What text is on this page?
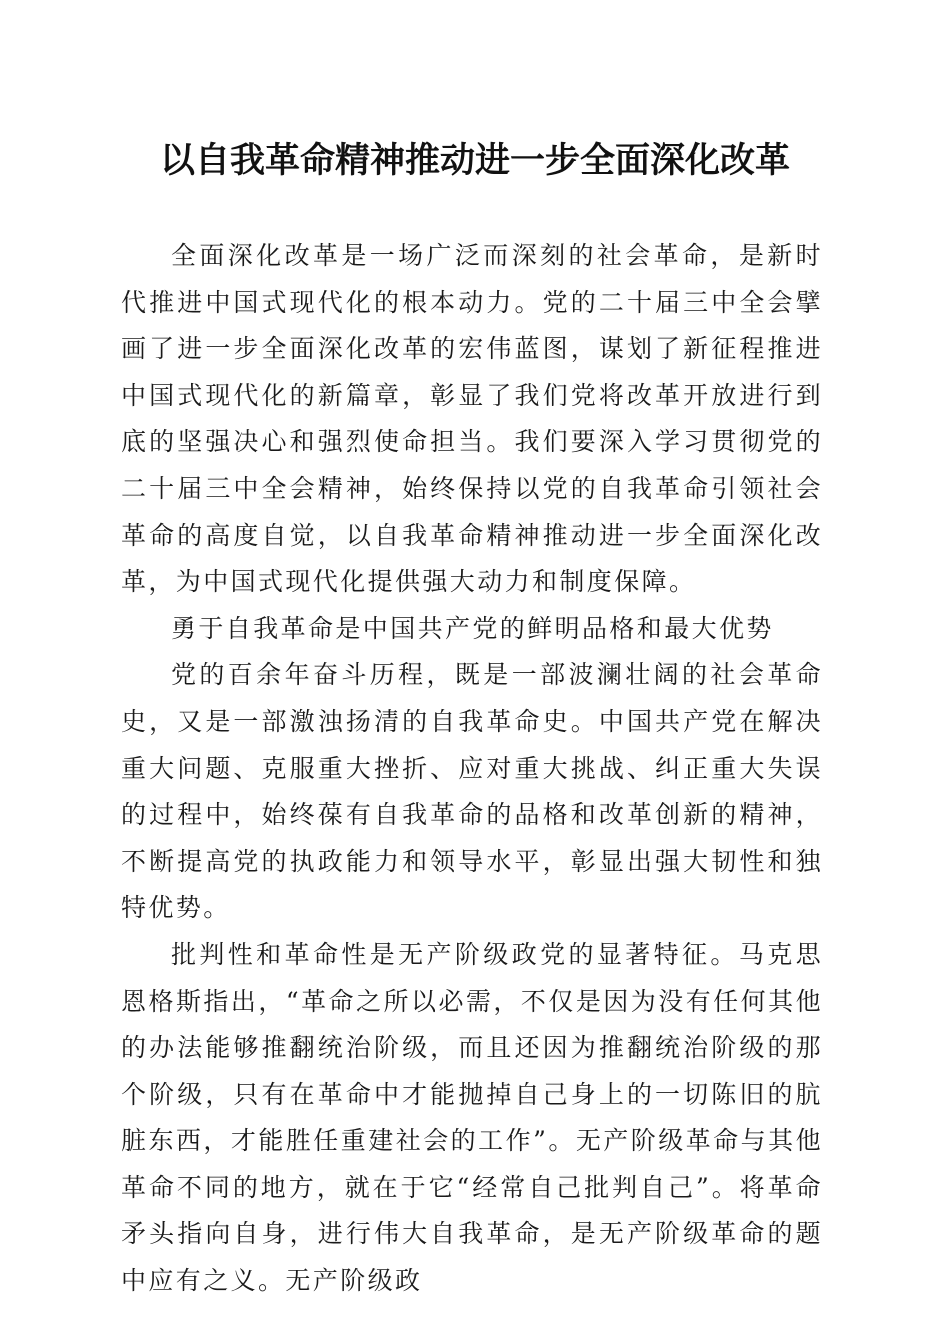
以自我革命精神推动进一步全面深化改革

全面深化改革是一场广泛而深刻的社会革命，是新时代推进中国式现代化的根本动力。党的二十届三中全会擘画了进一步全面深化改革的宏伟蓝图，谋划了新征程推进中国式现代化的新篇章，彰显了我们党将改革开放进行到底的坚强决心和强烈使命担当。我们要深入学习贯彻党的二十届三中全会精神，始终保持以党的自我革命引领社会革命的高度自觉，以自我革命精神推动进一步全面深化改革，为中国式现代化提供强大动力和制度保障。

勇于自我革命是中国共产党的鲜明品格和最大优势

党的百余年奋斗历程，既是一部波澜壮阔的社会革命史，又是一部激浊扬清的自我革命史。中国共产党在解决重大问题、克服重大挫折、应对重大挑战、纠正重大失误的过程中，始终葆有自我革命的品格和改革创新的精神，不断提高党的执政能力和领导水平，彰显出强大韧性和独特优势。

批判性和革命性是无产阶级政党的显著特征。马克思恩格斯指出，“革命之所以必需，不仅是因为没有任何其他的办法能够推翻统治阶级，而且还因为推翻统治阶级的那个阶级，只有在革命中才能抛掉自己身上的一切陈旧的肮脏东西，才能胜任重建社会的工作”。无产阶级革命与其他革命不同的地方，就在于它“经常自己批判自己”。将革命矛头指向自身，进行伟大自我革命，是无产阶级革命的题中应有之义。无产阶级政
